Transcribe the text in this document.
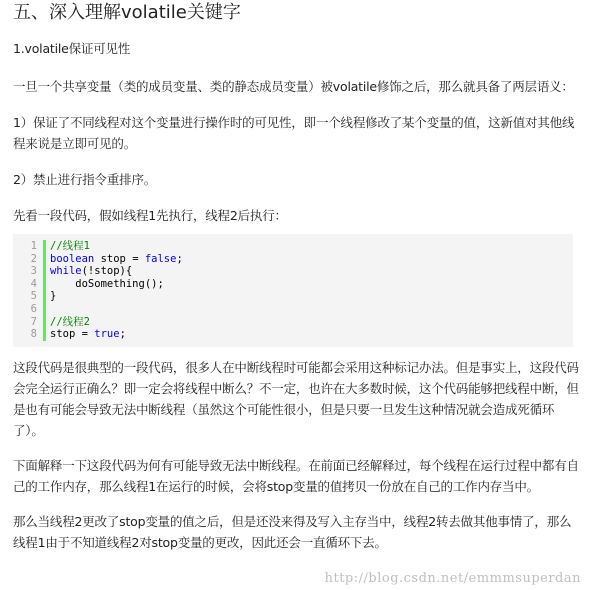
五、深入理解volatile关键字

1.volatile保证可见性

一旦一个共享变量（类的成员变量、类的静态成员变量）被volatile修饰之后，那么就具备了两层语义：

1）保证了不同线程对这个变量进行操作时的可见性，即一个线程修改了某个变量的值，这新值对其他线程来说是立即可见的。

2）禁止进行指令重排序。

先看一段代码，假如线程1先执行，线程2后执行：

1	//线程1
2	boolean stop = false ;
3	while (!stop){
4	doSomething();
5	}
6
7	//线程2
8	stop = true ;

这段代码是很典型的一段代码，很多人在中断线程时可能都会采用这种标记办法。但是事实上，这段代码会完全运行正确么？即一定会将线程中断么？不一定，也许在大多数时候，这个代码能够把线程中断，但是也有可能会导致无法中断线程（虽然这个可能性很小，但是只要一旦发生这种情况就会造成死循环了）。

下面解释一下这段代码为何有可能导致无法中断线程。在前面已经解释过，每个线程在运行过程中都有自己的工作内存，那么线程1在运行的时候，会将stop变量的值拷贝一份放在自己的工作内存当中。

那么当线程2更改了stop变量的值之后，但是还没来得及写入主存当中，线程2转去做其他事情了，那么线程1由于不知道线程2对stop变量的更改，因此还会一直循环下去。

http://blog.csdn.net/emmmsuperdan
